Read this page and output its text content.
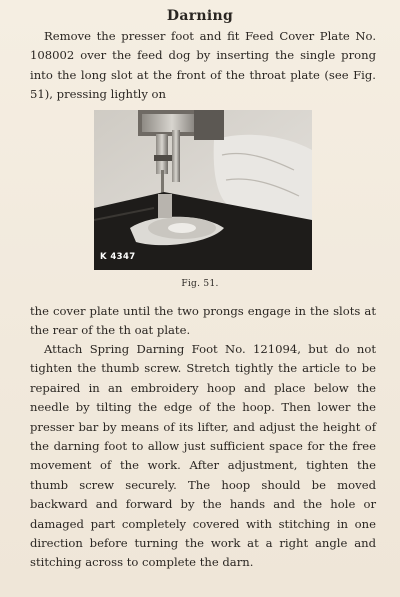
Darning

Remove the presser foot and fit Feed Cover Plate No. 108002 over the feed dog by inserting the single prong into the long slot at the front of the throat plate (see Fig. 51), pressing lightly on

K 4347
Fig. 51.

the cover plate until the two prongs engage in the slots at the rear of the th oat plate.

Attach Spring Darning Foot No. 121094, but do not tighten the thumb screw. Stretch tightly the article to be repaired in an embroidery hoop and place below the needle by tilting the edge of the hoop. Then lower the presser bar by means of its lifter, and adjust the height of the darning foot to allow just sufficient space for the free movement of the work. After adjustment, tighten the thumb screw securely. The hoop should be moved backward and forward by the hands and the hole or damaged part completely covered with stitching in one direction before turning the work at a right angle and stitching across to complete the darn.
